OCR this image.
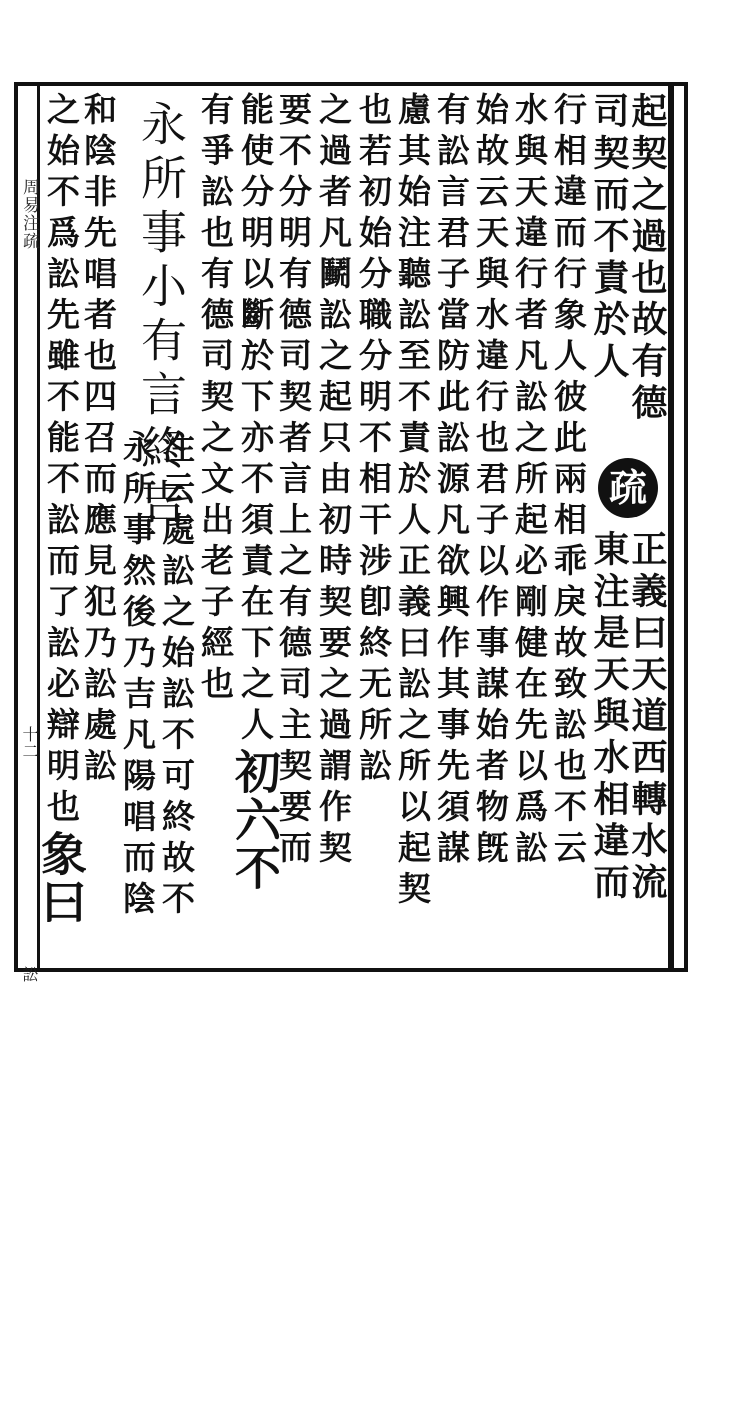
周易注疏
十二
訟
起契之過也故有德
正義曰天道西轉水流
司契而不責於人
東注是天與水相違而
疏
行相違而行象人彼此兩相乖戾故致訟也不云
水與天違行者凡訟之所起必剛健在先以爲訟
始故云天與水違行也君子以作事謀始者物旣
有訟言君子當防此訟源凡欲興作其事先須謀
慮其始注聽訟至不責於人正義曰訟之所以起契
也若初始分職分明不相干涉卽終无所訟
之過者凡鬭訟之起只由初時契要之過謂作契
要不分明有德司契者言上之有德司主契要而
能使分明以斷於下亦不須責在下之人初六不
有爭訟也有德司契之文出老子經也
永所事小有言終吉
注云處訟之始訟不可終故不
永所事然後乃吉凡陽唱而陰
和陰非先唱者也四召而應見犯乃訟處訟
之始不爲訟先雖不能不訟而了訟必辯明也象曰
